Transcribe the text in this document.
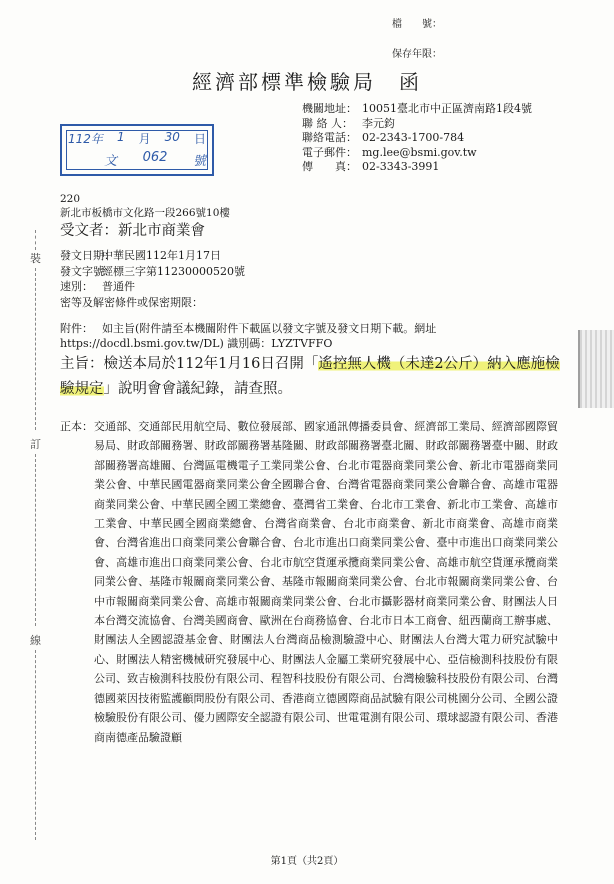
檔　　號：
保存年限：
經濟部標準檢驗局　函
112年 1 月 30 日
文 062 號
機關地址： 10051臺北市中正區濟南路1段4號
聯 絡 人： 李元鈞
聯絡電話： 02-2343-1700-784
電子郵件： mg.lee@bsmi.gov.tw
傳　　真： 02-3343-3991
220
新北市板橋市文化路一段266號10樓
受文者：新北市商業會
發文日期：
中華民國112年1月17日
發文字號：
經標三字第11230000520號
速別： 普通件
密等及解密條件或保密期限：
附件： 如主旨(附件請至本機關附件下載區以發文字號及發文日期下載。網址https://docdl.bsmi.gov.tw/DL) 識別碼：LYZTVFFO
主旨：檢送本局於112年1月16日召開「遙控無人機（未達2公斤）納入應施檢驗規定」說明會會議紀錄，請查照。
正本： 交通部、交通部民用航空局、數位發展部、國家通訊傳播委員會、經濟部工業局、經濟部國際貿易局、財政部關務署、財政部關務署基隆關、財政部關務署臺北關、財政部關務署臺中關、財政部關務署高雄關、台灣區電機電子工業同業公會、台北市電器商業同業公會、新北市電器商業同業公會、中華民國電器商業同業公會全國聯合會、台灣省電器商業同業公會聯合會、高雄市電器商業同業公會、中華民國全國工業總會、臺灣省工業會、台北市工業會、新北市工業會、高雄市工業會、中華民國全國商業總會、台灣省商業會、台北市商業會、新北市商業會、高雄市商業會、台灣省進出口商業同業公會聯合會、台北市進出口商業同業公會、臺中市進出口商業同業公會、高雄市進出口商業同業公會、台北市航空貨運承攬商業同業公會、高雄市航空貨運承攬商業同業公會、基隆市報關商業同業公會、基隆市報關商業同業公會、台北市報關商業同業公會、台中市報關商業同業公會、高雄市報關商業同業公會、台北市攝影器材商業同業公會、財團法人日本台灣交流協會、台灣美國商會、歐洲在台商務協會、台北市日本工商會、紐西蘭商工辦事處、財團法人全國認證基金會、財團法人台灣商品檢測驗證中心、財團法人台灣大電力研究試驗中心、財團法人精密機械研究發展中心、財團法人金屬工業研究發展中心、亞信檢測科技股份有限公司、致吉檢測科技股份有限公司、程智科技股份有限公司、台灣檢驗科技股份有限公司、台灣德國萊因技術監護顧問股份有限公司、香港商立德國際商品試驗有限公司桃園分公司、全國公證檢驗股份有限公司、優力國際安全認證有限公司、世電電測有限公司、環球認證有限公司、香港商南德產品驗證顧
裝
訂
線
第1頁（共2頁）
